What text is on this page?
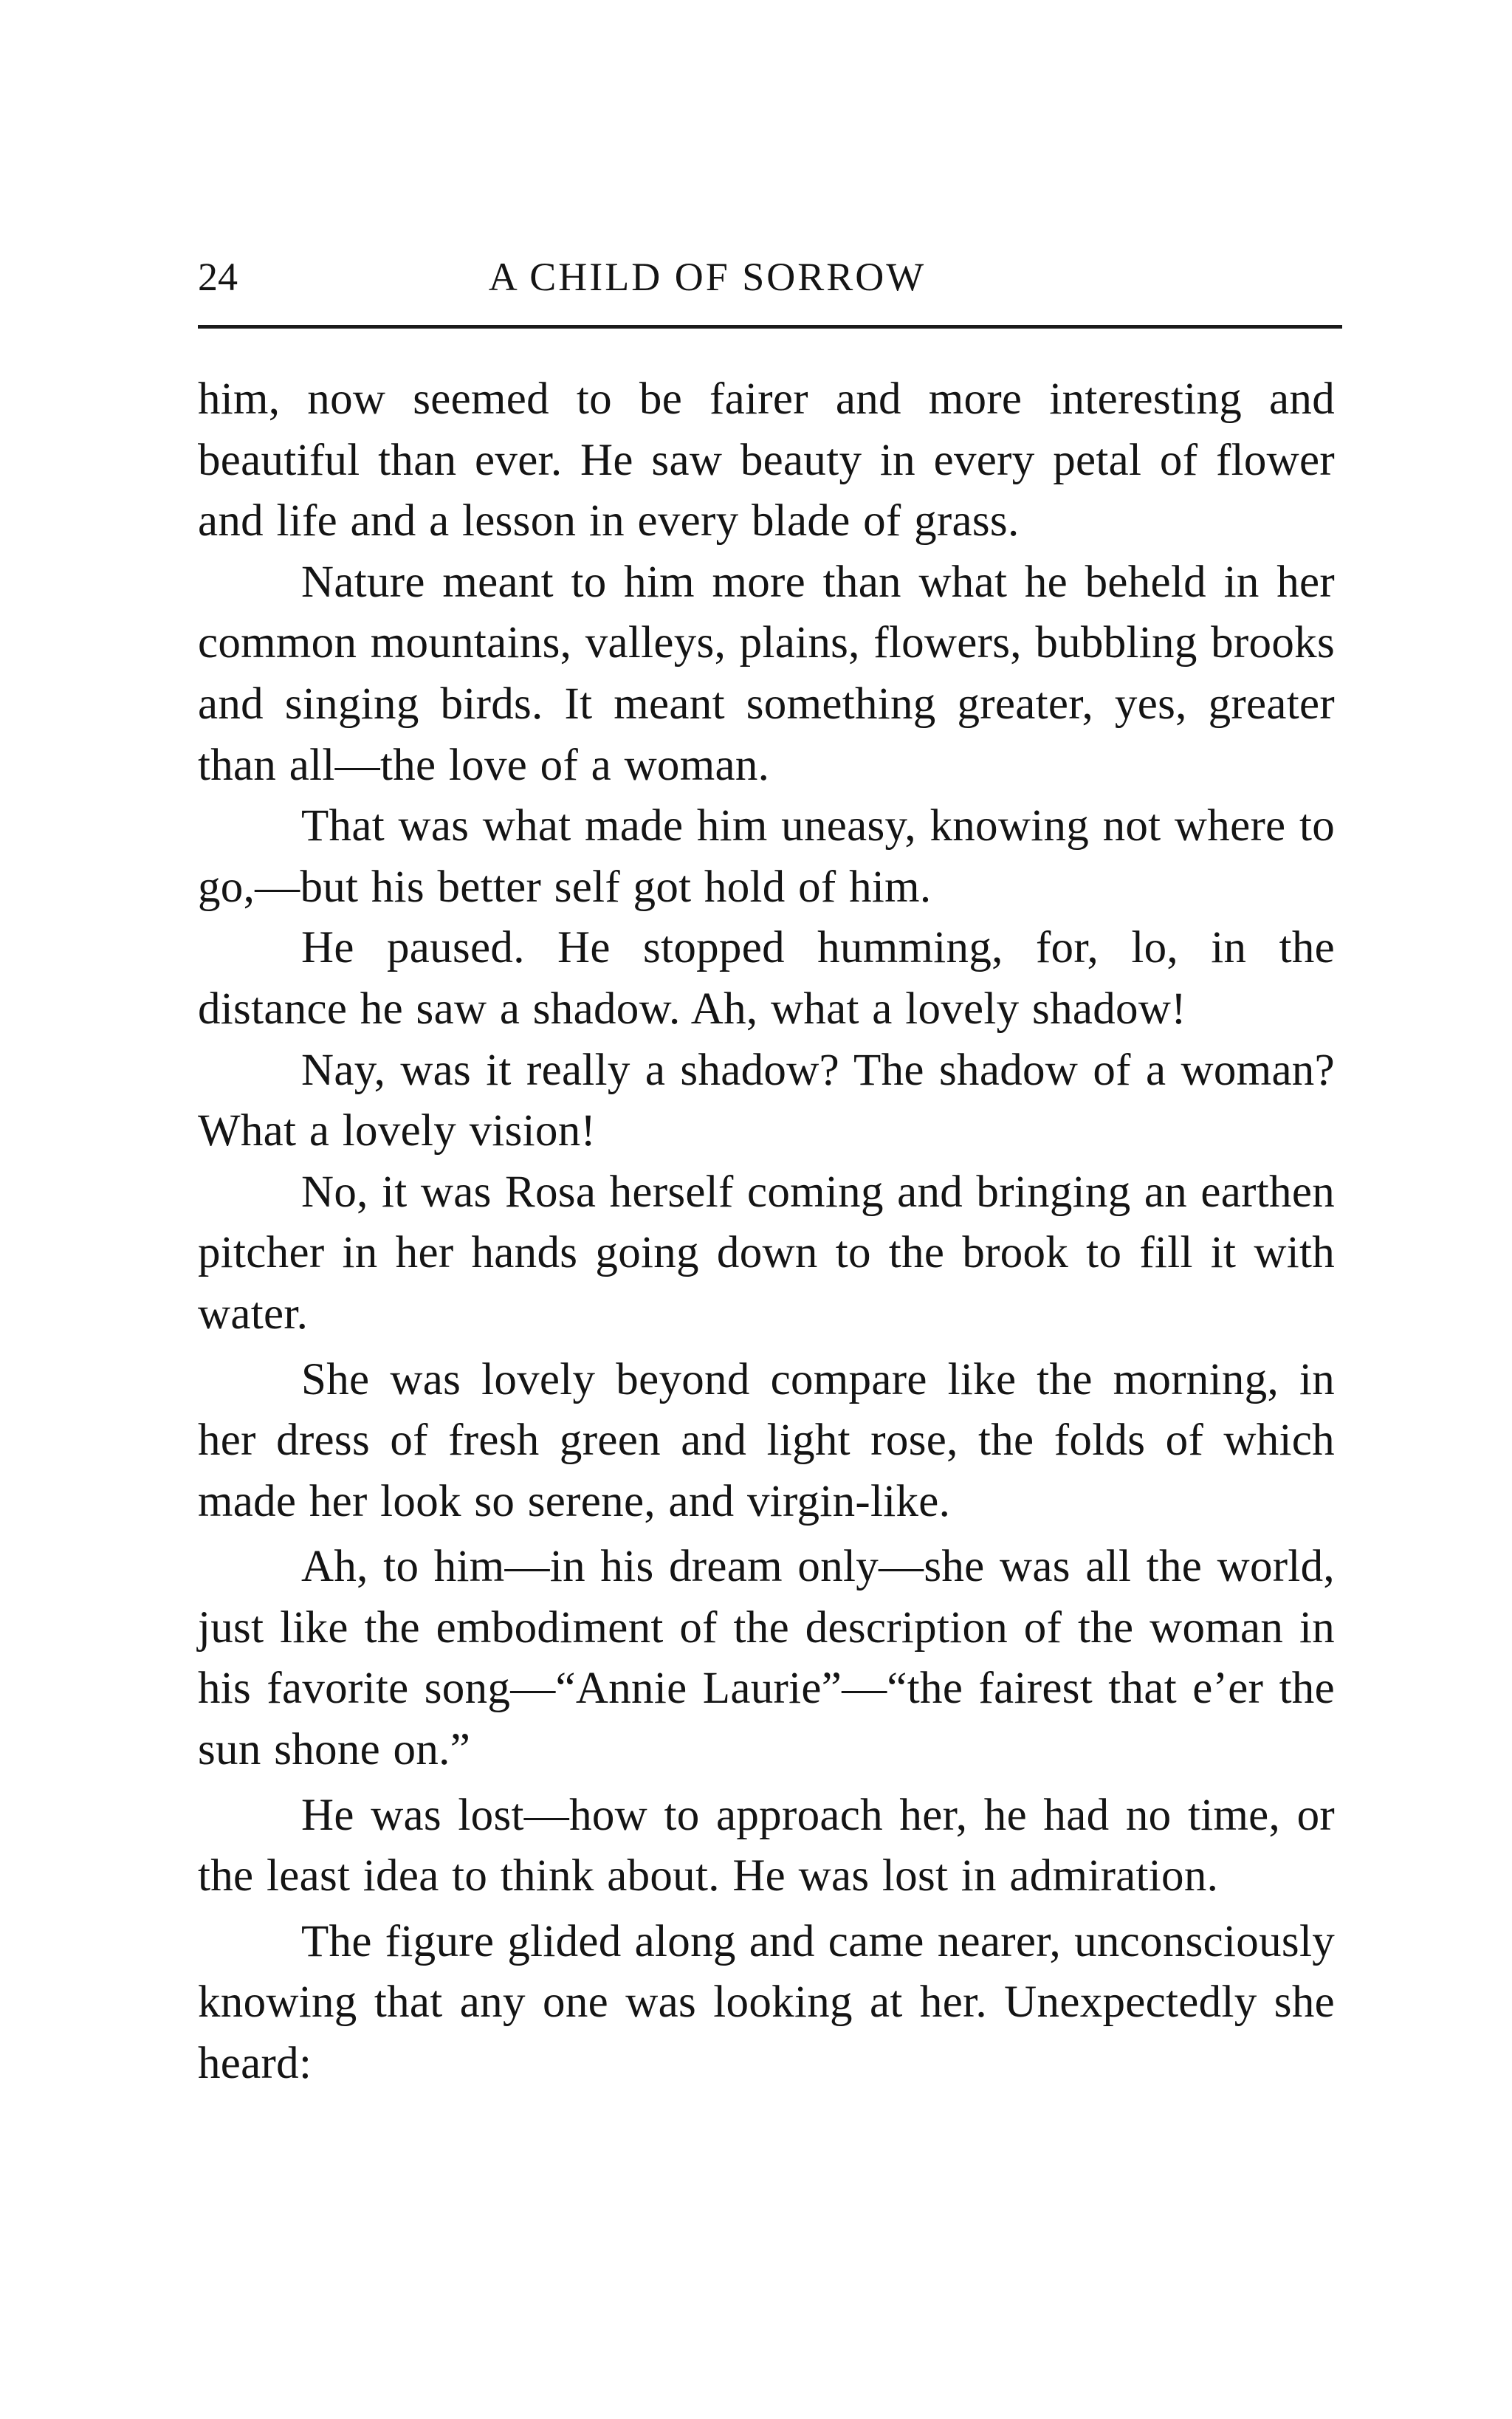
24	A CHILD OF SORROW

him, now seemed to be fairer and more interesting and beautiful than ever. He saw beauty in every petal of flower and life and a lesson in every blade of grass.

Nature meant to him more than what he beheld in her common mountains, valleys, plains, flowers, bubbling brooks and singing birds. It meant something greater, yes, greater than all—the love of a woman.

That was what made him uneasy, knowing not where to go,—but his better self got hold of him.

He paused. He stopped humming, for, lo, in the distance he saw a shadow. Ah, what a lovely shadow!

Nay, was it really a shadow? The shadow of a woman? What a lovely vision!

No, it was Rosa herself coming and bringing an earthen pitcher in her hands going down to the brook to fill it with water.

She was lovely beyond compare like the morning, in her dress of fresh green and light rose, the folds of which made her look so serene, and virgin-like.

Ah, to him—in his dream only—she was all the world, just like the embodiment of the description of the woman in his favorite song—“Annie Laurie”—“the fairest that e’er the sun shone on.”

He was lost—how to approach her, he had no time, or the least idea to think about. He was lost in admiration.

The figure glided along and came nearer, unconsciously knowing that any one was looking at her. Unexpectedly she heard:
